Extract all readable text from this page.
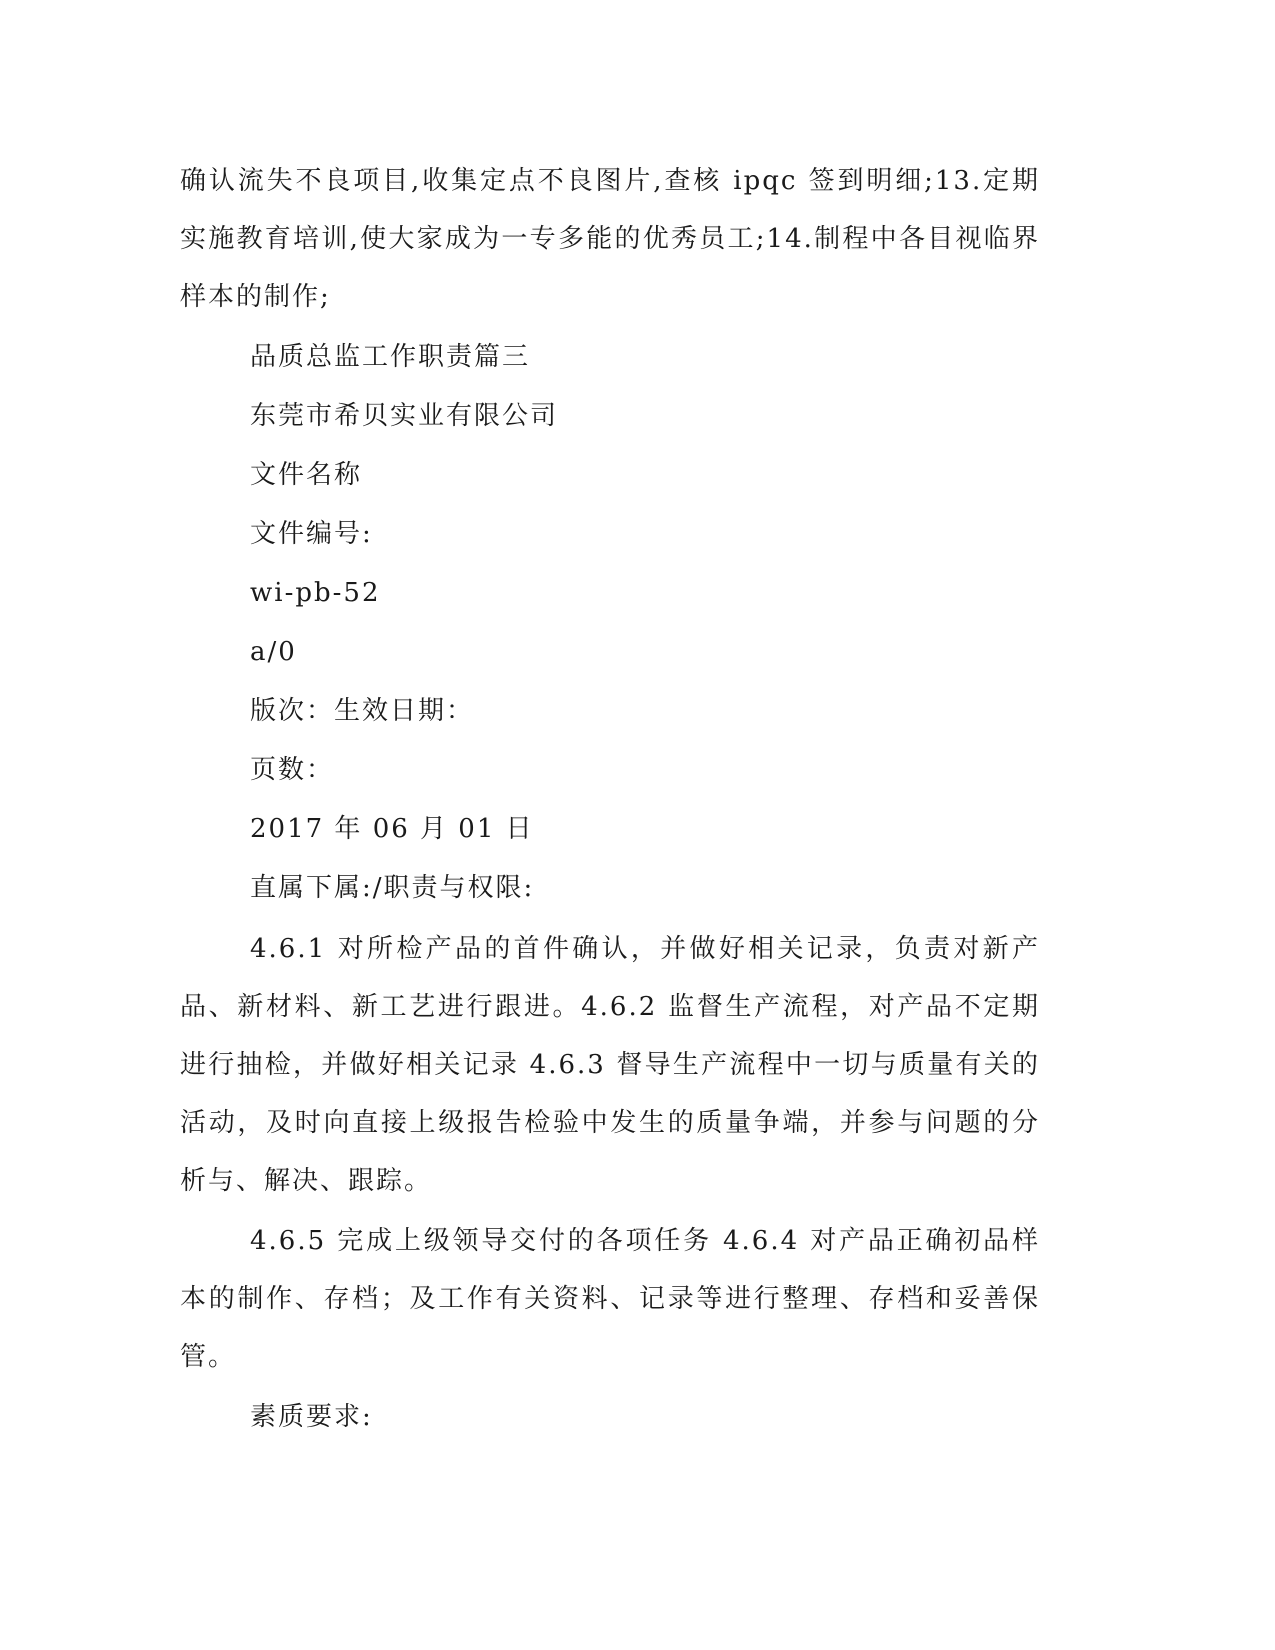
确认流失不良项目,收集定点不良图片,查核 ipqc 签到明细;13.定期实施教育培训,使大家成为一专多能的优秀员工;14.制程中各目视临界样本的制作;

品质总监工作职责篇三

东莞市希贝实业有限公司

文件名称

文件编号:

wi-pb-52

a/0

版次：生效日期：

页数：

2017 年 06 月 01 日

直属下属:/职责与权限:

4.6.1 对所检产品的首件确认，并做好相关记录，负责对新产品、新材料、新工艺进行跟进。4.6.2 监督生产流程，对产品不定期进行抽检，并做好相关记录 4.6.3 督导生产流程中一切与质量有关的活动，及时向直接上级报告检验中发生的质量争端，并参与问题的分析与、解决、跟踪。

4.6.5 完成上级领导交付的各项任务 4.6.4 对产品正确初品样本的制作、存档；及工作有关资料、记录等进行整理、存档和妥善保管。

素质要求:
